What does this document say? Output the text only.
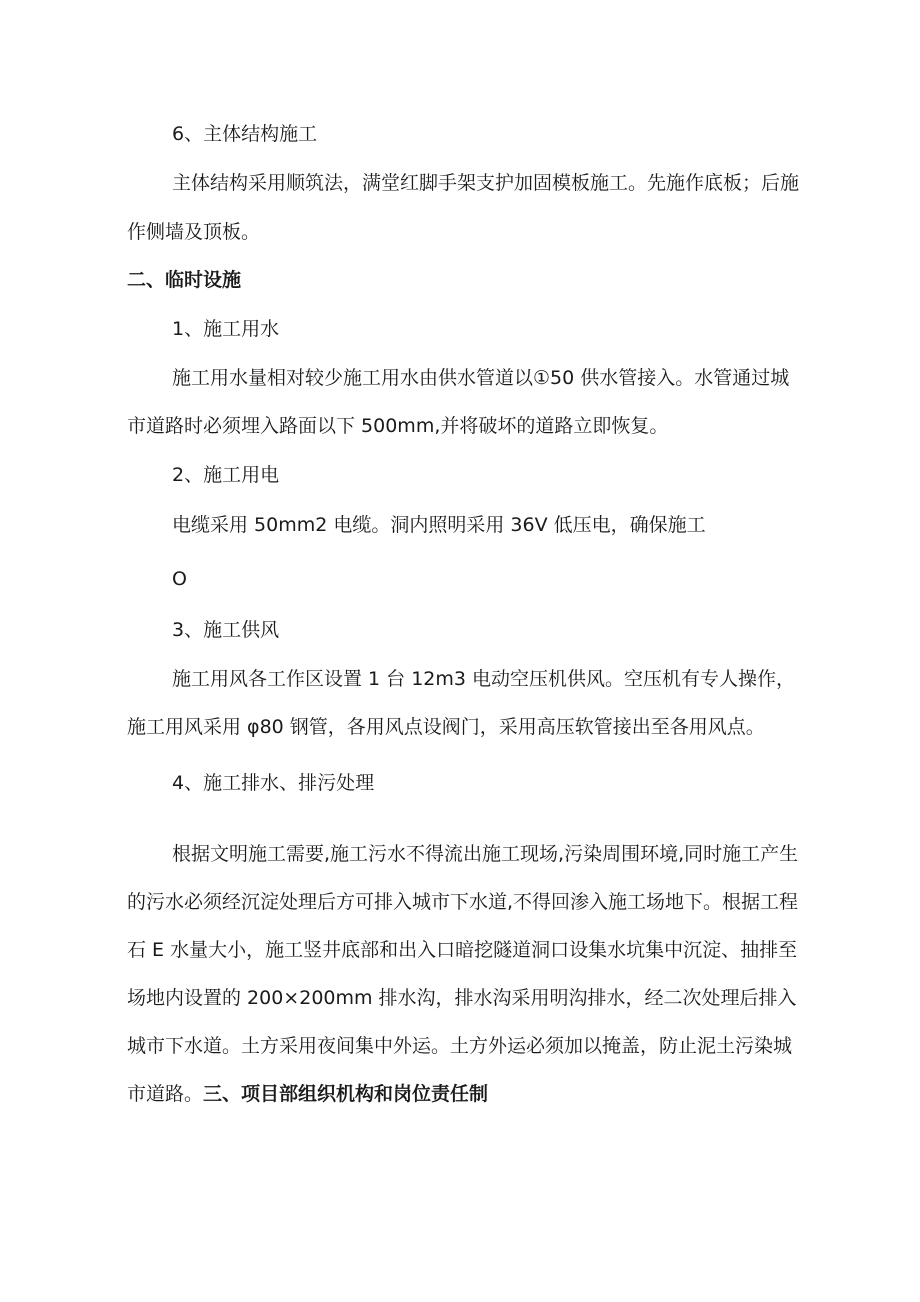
6、主体结构施工
主体结构采用顺筑法，满堂红脚手架支护加固模板施工。先施作底板；后施
作侧墙及顶板。
二、临时设施
1、施工用水
施工用水量相对较少施工用水由供水管道以①50 供水管接入。水管通过城
市道路时必须埋入路面以下 500mm,并将破坏的道路立即恢复。
2、施工用电
电缆采用 50mm2 电缆。洞内照明采用 36V 低压电，确保施工
O
3、施工供风
施工用风各工作区设置 1 台 12m3 电动空压机供风。空压机有专人操作，
施工用风采用 φ80 钢管，各用风点设阀门，采用高压软管接出至各用风点。
4、施工排水、排污处理
根据文明施工需要,施工污水不得流出施工现场,污染周围环境,同时施工产生
的污水必须经沉淀处理后方可排入城市下水道,不得回渗入施工场地下。根据工程
石 E 水量大小，施工竖井底部和出入口暗挖隧道洞口设集水坑集中沉淀、抽排至
场地内设置的 200×200mm 排水沟，排水沟采用明沟排水，经二次处理后排入
城市下水道。土方采用夜间集中外运。土方外运必须加以掩盖，防止泥土污染城
市道路。三、项目部组织机构和岗位责任制
